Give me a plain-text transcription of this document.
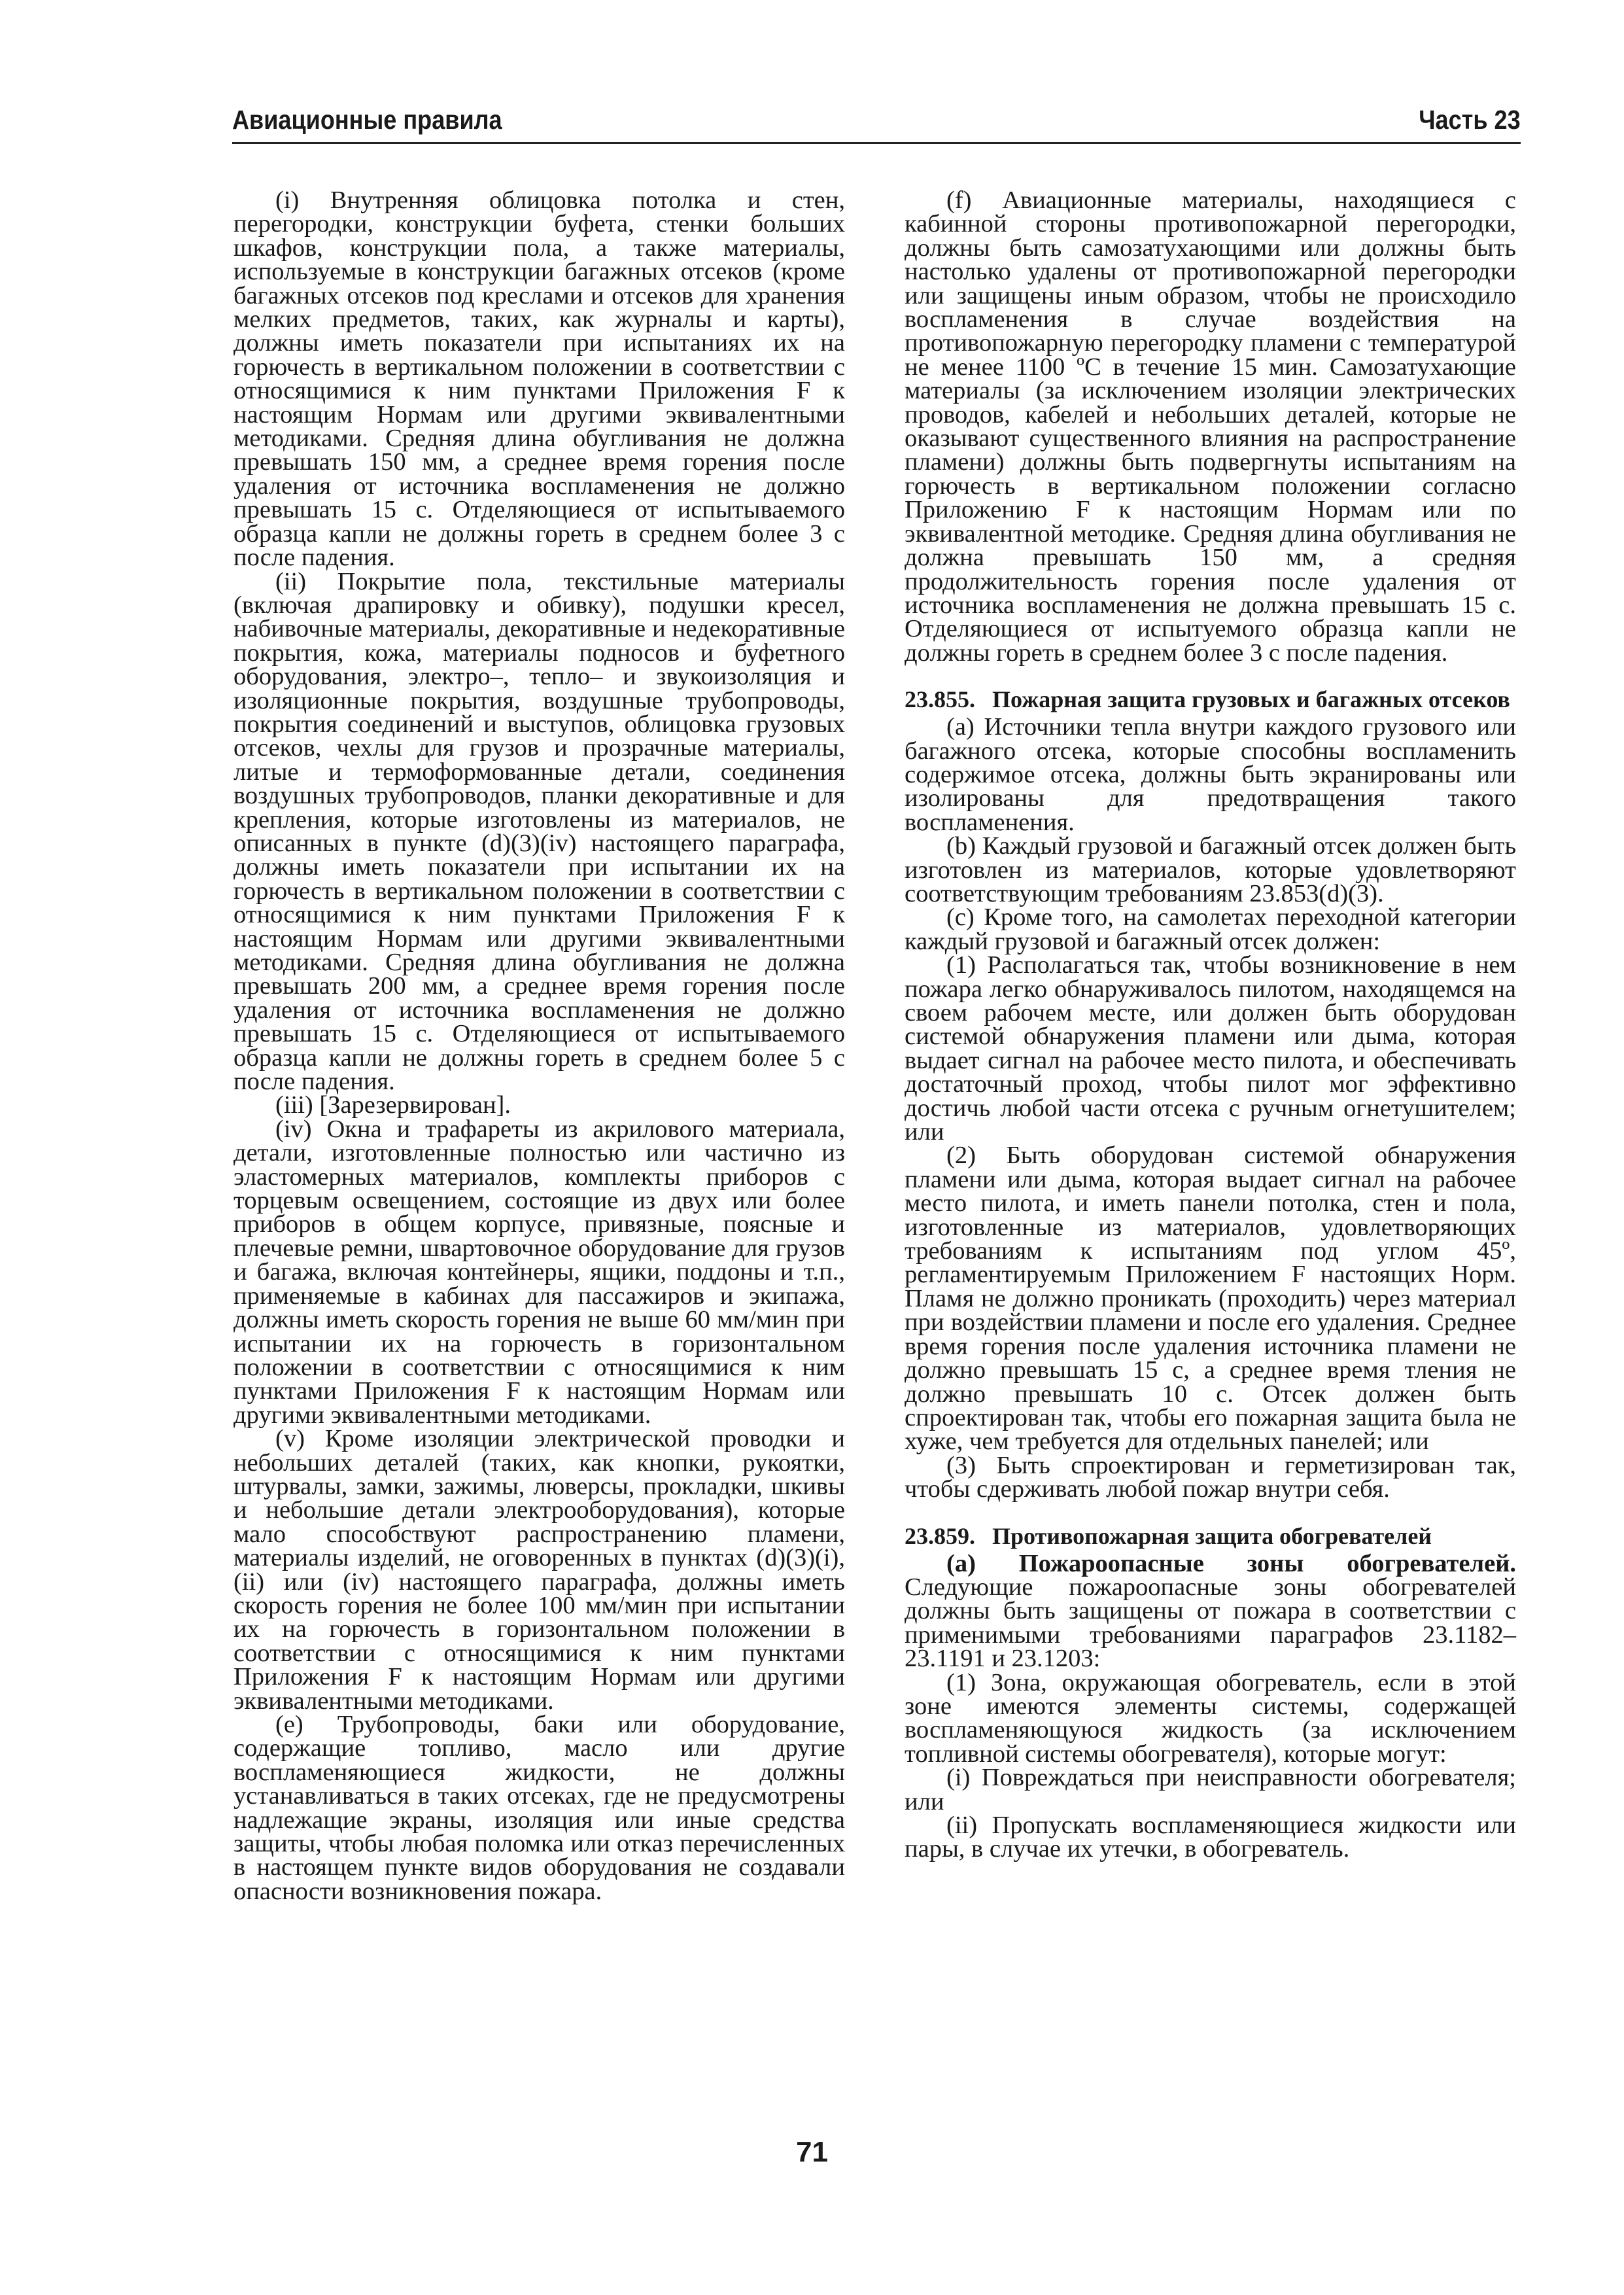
Авиационные правила	Часть 23

(i) Внутренняя облицовка потолка и стен, перегородки, конструкции буфета, стенки больших шкафов, конструкции пола, а также материалы, используемые в конструкции багажных отсеков (кроме багажных отсеков под креслами и отсеков для хранения мелких предметов, таких, как журналы и карты), должны иметь показатели при испытаниях их на горючесть в вертикальном положении в соответствии с относящимися к ним пунктами Приложения F к настоящим Нормам или другими эквивалентными методиками. Средняя длина обугливания не должна превышать 150 мм, а среднее время горения после удаления от источника воспламенения не должно превышать 15 с. Отделяющиеся от испытываемого образца капли не должны гореть в среднем более 3 с после падения.

(ii) Покрытие пола, текстильные материалы (включая драпировку и обивку), подушки кресел, набивочные материалы, декоративные и недекоративные покрытия, кожа, материалы подносов и буфетного оборудования, электро–, тепло– и звукоизоляция и изоляционные покрытия, воздушные трубопроводы, покрытия соединений и выступов, облицовка грузовых отсеков, чехлы для грузов и прозрачные материалы, литые и термоформованные детали, соединения воздушных трубопроводов, планки декоративные и для крепления, которые изготовлены из материалов, не описанных в пункте (d)(3)(iv) настоящего параграфа, должны иметь показатели при испытании их на горючесть в вертикальном положении в соответствии с относящимися к ним пунктами Приложения F к настоящим Нормам или другими эквивалентными методиками. Средняя длина обугливания не должна превышать 200 мм, а среднее время горения после удаления от источника воспламенения не должно превышать 15 с. Отделяющиеся от испытываемого образца капли не должны гореть в среднем более 5 с после падения.

(iii) [Зарезервирован].

(iv) Окна и трафареты из акрилового материала, детали, изготовленные полностью или частично из эластомерных материалов, комплекты приборов с торцевым освещением, состоящие из двух или более приборов в общем корпусе, привязные, поясные и плечевые ремни, швартовочное оборудование для грузов и багажа, включая контейнеры, ящики, поддоны и т.п., применяемые в кабинах для пассажиров и экипажа, должны иметь скорость горения не выше 60 мм/мин при испытании их на горючесть в горизонтальном положении в соответствии с относящимися к ним пунктами Приложения F к настоящим Нормам или другими эквивалентными методиками.

(v) Кроме изоляции электрической проводки и небольших деталей (таких, как кнопки, рукоятки, штурвалы, замки, зажимы, люверсы, прокладки, шкивы и небольшие детали электрооборудования), которые мало способствуют распространению пламени, материалы изделий, не оговоренных в пунктах (d)(3)(i), (ii) или (iv) настоящего параграфа, должны иметь скорость горения не более 100 мм/мин при испытании их на горючесть в горизонтальном положении в соответствии с относящимися к ним пунктами Приложения F к настоящим Нормам или другими эквивалентными методиками.

(e) Трубопроводы, баки или оборудование, содержащие топливо, масло или другие воспламеняющиеся жидкости, не должны устанавливаться в таких отсеках, где не предусмотрены надлежащие экраны, изоляция или иные средства защиты, чтобы любая поломка или отказ перечисленных в настоящем пункте видов оборудования не создавали опасности возникновения пожара.

(f) Авиационные материалы, находящиеся с кабинной стороны противопожарной перегородки, должны быть самозатухающими или должны быть настолько удалены от противопожарной перегородки или защищены иным образом, чтобы не происходило воспламенения в случае воздействия на противопожарную перегородку пламени с температурой не менее 1100 ºС в течение 15 мин. Самозатухающие материалы (за исключением изоляции электрических проводов, кабелей и небольших деталей, которые не оказывают существенного влияния на распространение пламени) должны быть подвергнуты испытаниям на горючесть в вертикальном положении согласно Приложению F к настоящим Нормам или по эквивалентной методике. Средняя длина обугливания не должна превышать 150 мм, а средняя продолжительность горения после удаления от источника воспламенения не должна превышать 15 с. Отделяющиеся от испытуемого образца капли не должны гореть в среднем более 3 с после падения.

23.855. Пожарная защита грузовых и багажных отсеков

(a) Источники тепла внутри каждого грузового или багажного отсека, которые способны воспламенить содержимое отсека, должны быть экранированы или изолированы для предотвращения такого воспламенения.

(b) Каждый грузовой и багажный отсек должен быть изготовлен из материалов, которые удовлетворяют соответствующим требованиям 23.853(d)(3).

(c) Кроме того, на самолетах переходной категории каждый грузовой и багажный отсек должен:

(1) Располагаться так, чтобы возникновение в нем пожара легко обнаруживалось пилотом, находящемся на своем рабочем месте, или должен быть оборудован системой обнаружения пламени или дыма, которая выдает сигнал на рабочее место пилота, и обеспечивать достаточный проход, чтобы пилот мог эффективно достичь любой части отсека с ручным огнетушителем; или

(2) Быть оборудован системой обнаружения пламени или дыма, которая выдает сигнал на рабочее место пилота, и иметь панели потолка, стен и пола, изготовленные из материалов, удовлетворяющих требованиям к испытаниям под углом 45º, регламентируемым Приложением F настоящих Норм. Пламя не должно проникать (проходить) через материал при воздействии пламени и после его удаления. Среднее время горения после удаления источника пламени не должно превышать 15 с, а среднее время тления не должно превышать 10 с. Отсек должен быть спроектирован так, чтобы его пожарная защита была не хуже, чем требуется для отдельных панелей; или

(3) Быть спроектирован и герметизирован так, чтобы сдерживать любой пожар внутри себя.

23.859. Противопожарная защита обогревателей

(a) Пожароопасные зоны обогревателей. Следующие пожароопасные зоны обогревателей должны быть защищены от пожара в соответствии с применимыми требованиями параграфов 23.1182–23.1191 и 23.1203:

(1) Зона, окружающая обогреватель, если в этой зоне имеются элементы системы, содержащей воспламеняющуюся жидкость (за исключением топливной системы обогревателя), которые могут:

(i) Повреждаться при неисправности обогревателя; или

(ii) Пропускать воспламеняющиеся жидкости или пары, в случае их утечки, в обогреватель.

71
